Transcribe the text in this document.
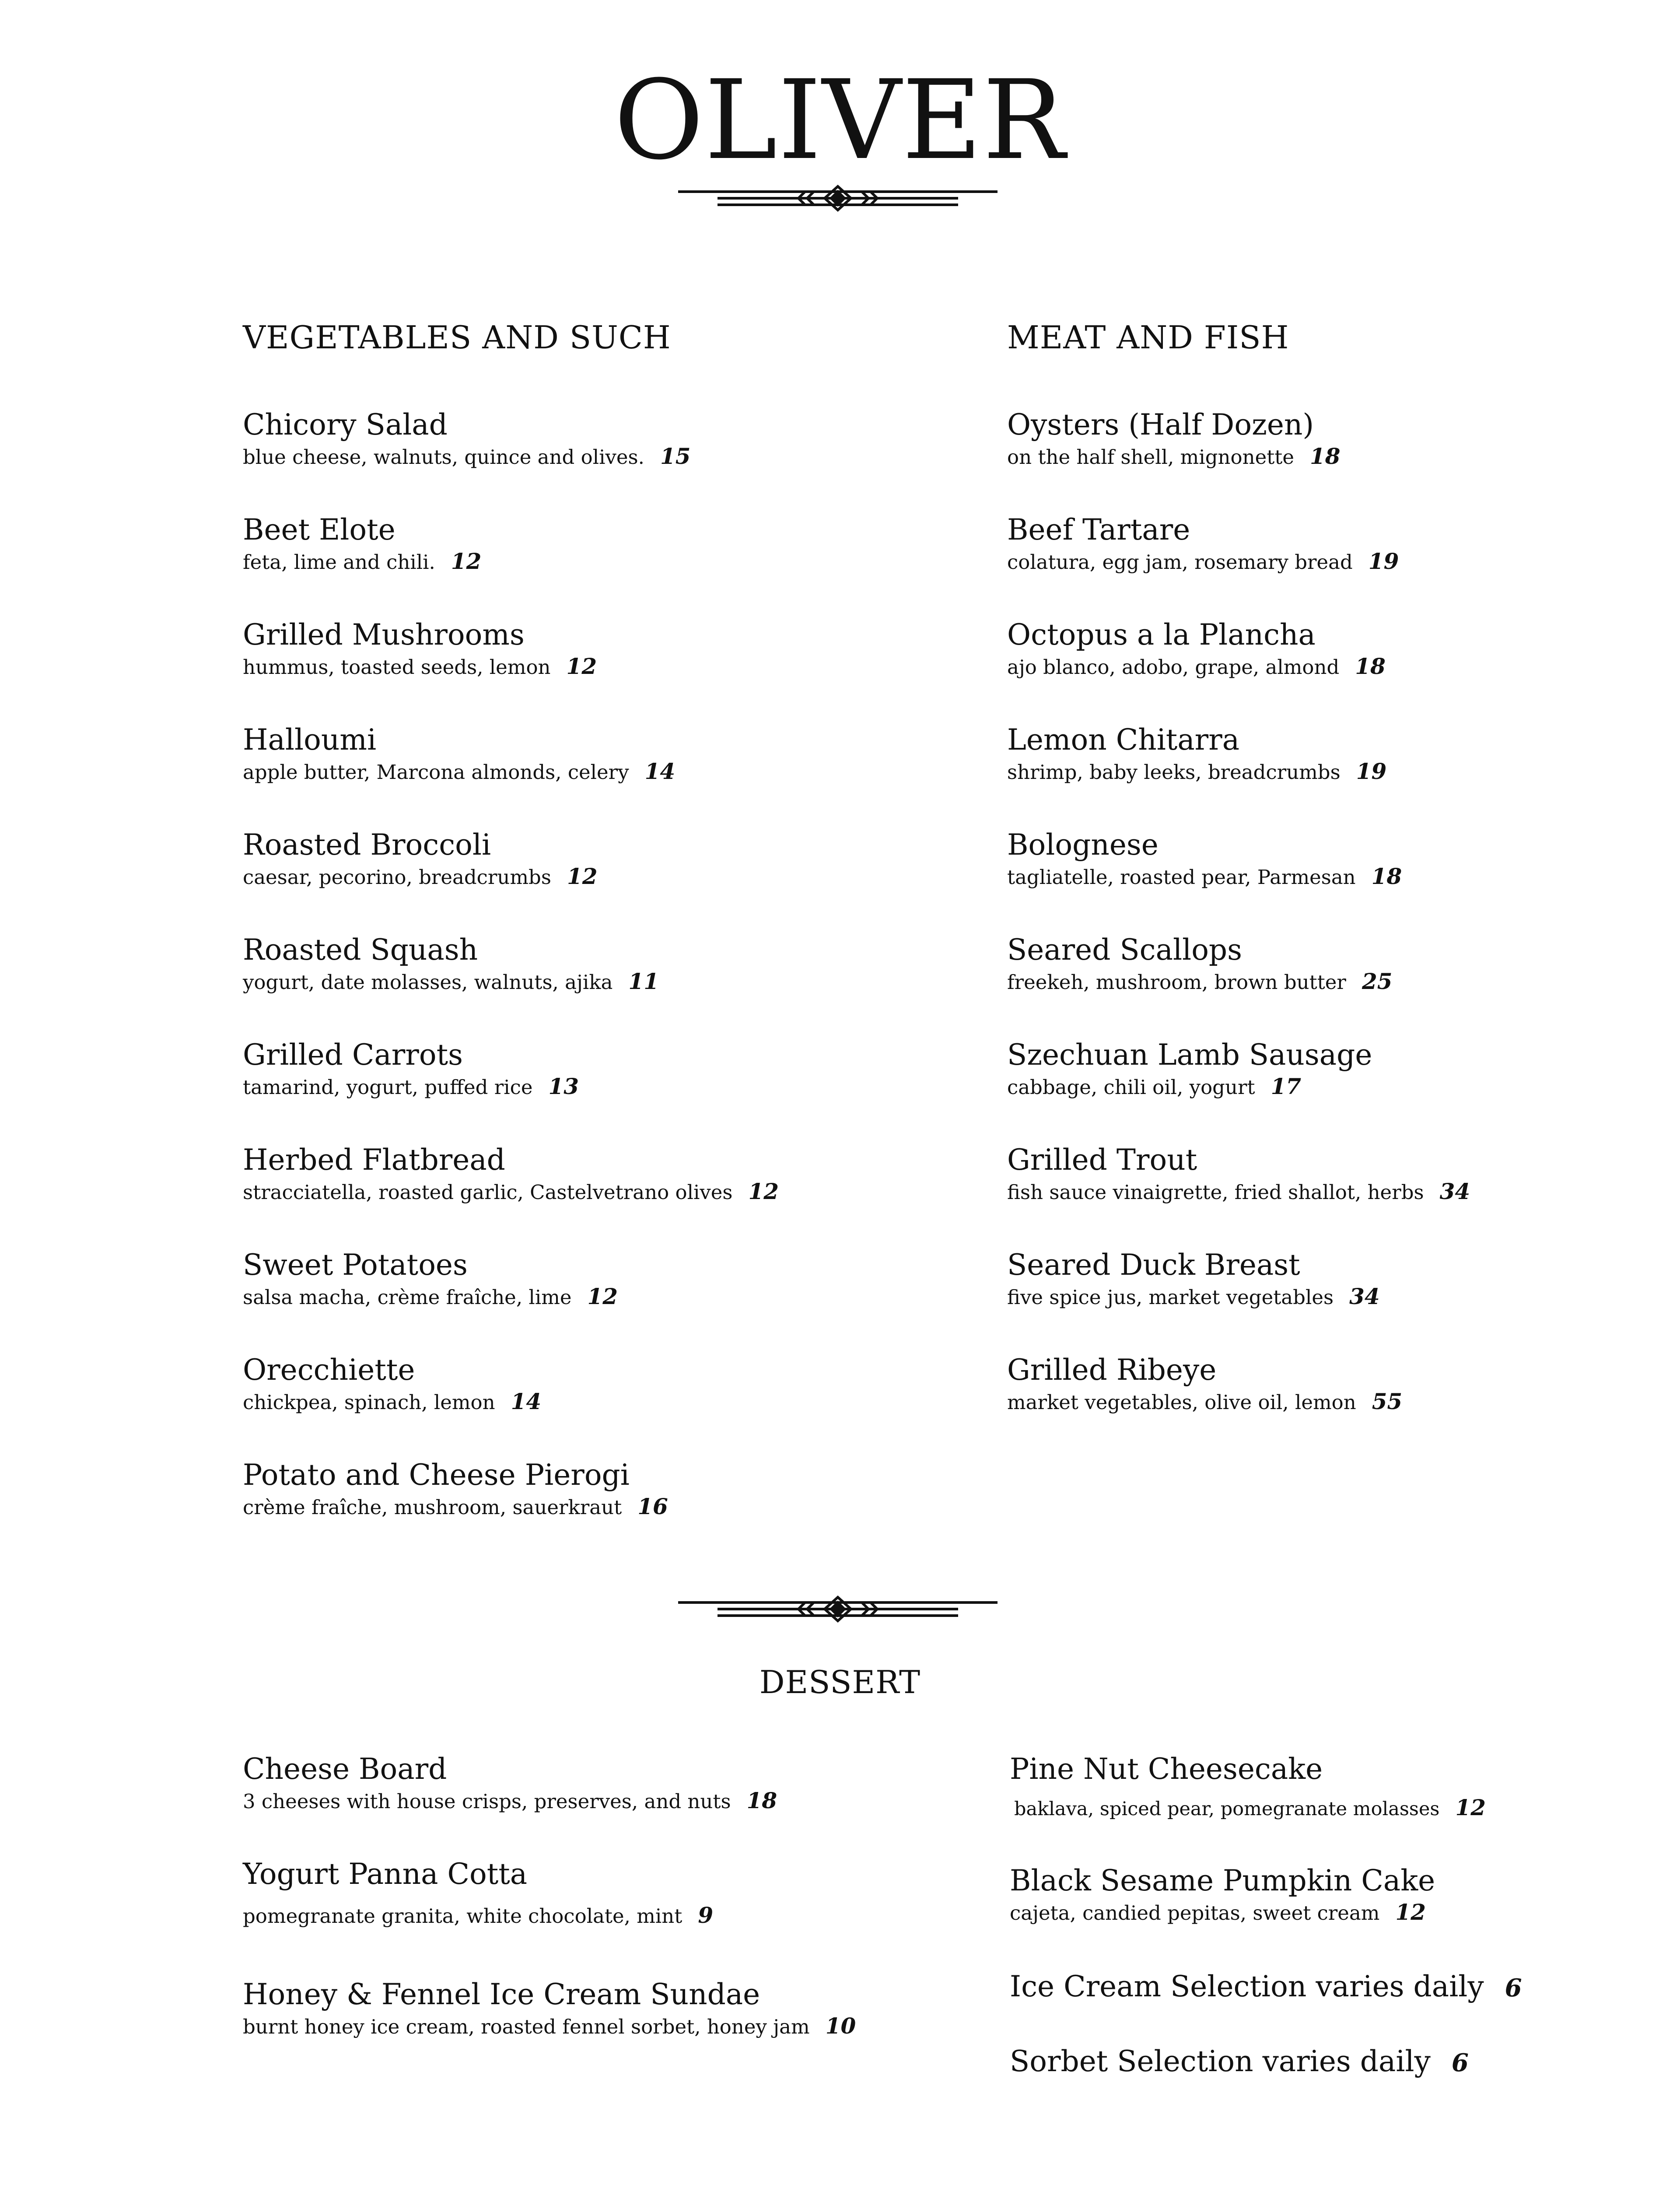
OLIVER
VEGETABLES AND SUCH	MEAT AND FISH
Chicory Salad
blue cheese, walnuts, quince and olives. 15
Beet Elote
feta, lime and chili. 12
Grilled Mushrooms
hummus, toasted seeds, lemon 12
Halloumi
apple butter, Marcona almonds, celery 14
Roasted Broccoli
caesar, pecorino, breadcrumbs 12
Roasted Squash
yogurt, date molasses, walnuts, ajika 11
Grilled Carrots
tamarind, yogurt, puffed rice 13
Herbed Flatbread
stracciatella, roasted garlic, Castelvetrano olives 12
Sweet Potatoes
salsa macha, crème fraîche, lime 12
Orecchiette
chickpea, spinach, lemon 14
Potato and Cheese Pierogi
crème fraîche, mushroom, sauerkraut 16
Oysters (Half Dozen)
on the half shell, mignonette 18
Beef Tartare
colatura, egg jam, rosemary bread 19
Octopus a la Plancha
ajo blanco, adobo, grape, almond 18
Lemon Chitarra
shrimp, baby leeks, breadcrumbs 19
Bolognese
tagliatelle, roasted pear, Parmesan 18
Seared Scallops
freekeh, mushroom, brown butter 25
Szechuan Lamb Sausage
cabbage, chili oil, yogurt 17
Grilled Trout
fish sauce vinaigrette, fried shallot, herbs 34
Seared Duck Breast
five spice jus, market vegetables 34
Grilled Ribeye
market vegetables, olive oil, lemon 55
DESSERT
Cheese Board
3 cheeses with house crisps, preserves, and nuts 18
Yogurt Panna Cotta
pomegranate granita, white chocolate, mint 9
Honey & Fennel Ice Cream Sundae
burnt honey ice cream, roasted fennel sorbet, honey jam 10
Pine Nut Cheesecake
baklava, spiced pear, pomegranate molasses 12
Black Sesame Pumpkin Cake
cajeta, candied pepitas, sweet cream 12
Ice Cream Selection varies daily 6
Sorbet Selection varies daily 6
